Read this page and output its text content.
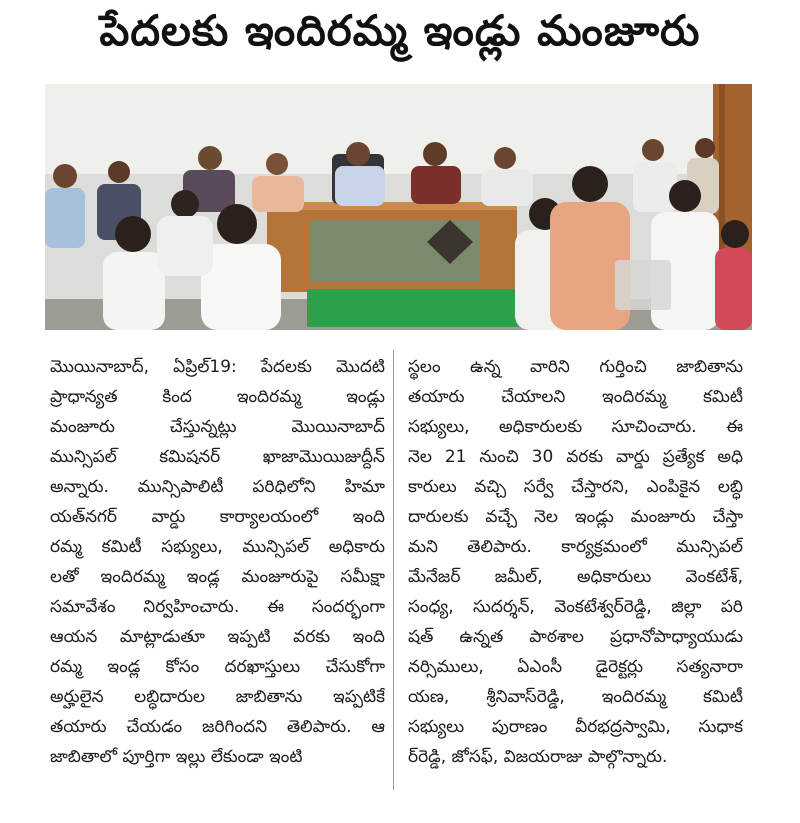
పేదలకు ఇందిరమ్మ ఇండ్లు మంజూరు
మొయినాబాద్, ఏప్రిల్19: పేదలకు మొదటి
ప్రాధాన్యత కింద ఇందిరమ్మ ఇండ్లు
మంజూరు చేస్తున్నట్లు మొయినాబాద్
మున్సిపల్ కమిషనర్ ఖాజామొయిజుద్దీన్
అన్నారు. మున్సిపాలిటీ పరిధిలోని హిమా
యత్‌నగర్ వార్డు కార్యాలయంలో ఇంది
రమ్మ కమిటీ సభ్యులు, మున్సిపల్ అధికారు
లతో ఇందిరమ్మ ఇండ్ల మంజూరుపై సమీక్షా
సమావేశం నిర్వహించారు. ఈ సందర్భంగా
ఆయన మాట్లాడుతూ ఇప్పటి వరకు ఇంది
రమ్మ ఇండ్ల కోసం దరఖాస్తులు చేసుకోగా
అర్హులైన లబ్ధిదారుల జాబితాను ఇప్పటికే
తయారు చేయడం జరిగిందని తెలిపారు. ఆ
జాబితాలో పూర్తిగా ఇల్లు లేకుండా ఇంటి
స్థలం ఉన్న వారిని గుర్తించి జాబితాను
తయారు చేయాలని ఇందిరమ్మ కమిటీ
సభ్యులు, అధికారులకు సూచించారు. ఈ
నెల 21 నుంచి 30 వరకు వార్డు ప్రత్యేక అధి
కారులు వచ్చి సర్వే చేస్తారని, ఎంపికైన లబ్ధి
దారులకు వచ్చే నెల ఇండ్లు మంజూరు చేస్తా
మని తెలిపారు. కార్యక్రమంలో మున్సిపల్
మేనేజర్ జమీల్, అధికారులు వెంకటేశ్,
సంధ్య, సుదర్శన్, వెంకటేశ్వర్‌రెడ్డి, జిల్లా పరి
షత్ ఉన్నత పాఠశాల ప్రధానోపాధ్యాయుడు
నర్సిములు, ఏఎంసీ డైరెక్టర్లు సత్యనారా
యణ, శ్రీనివాస్‌రెడ్డి, ఇందిరమ్మ కమిటీ
సభ్యులు పురాణం వీరభద్రస్వామి, సుధాక
ర్‌రెడ్డి, జోసఫ్, విజయరాజు పాల్గొన్నారు.
